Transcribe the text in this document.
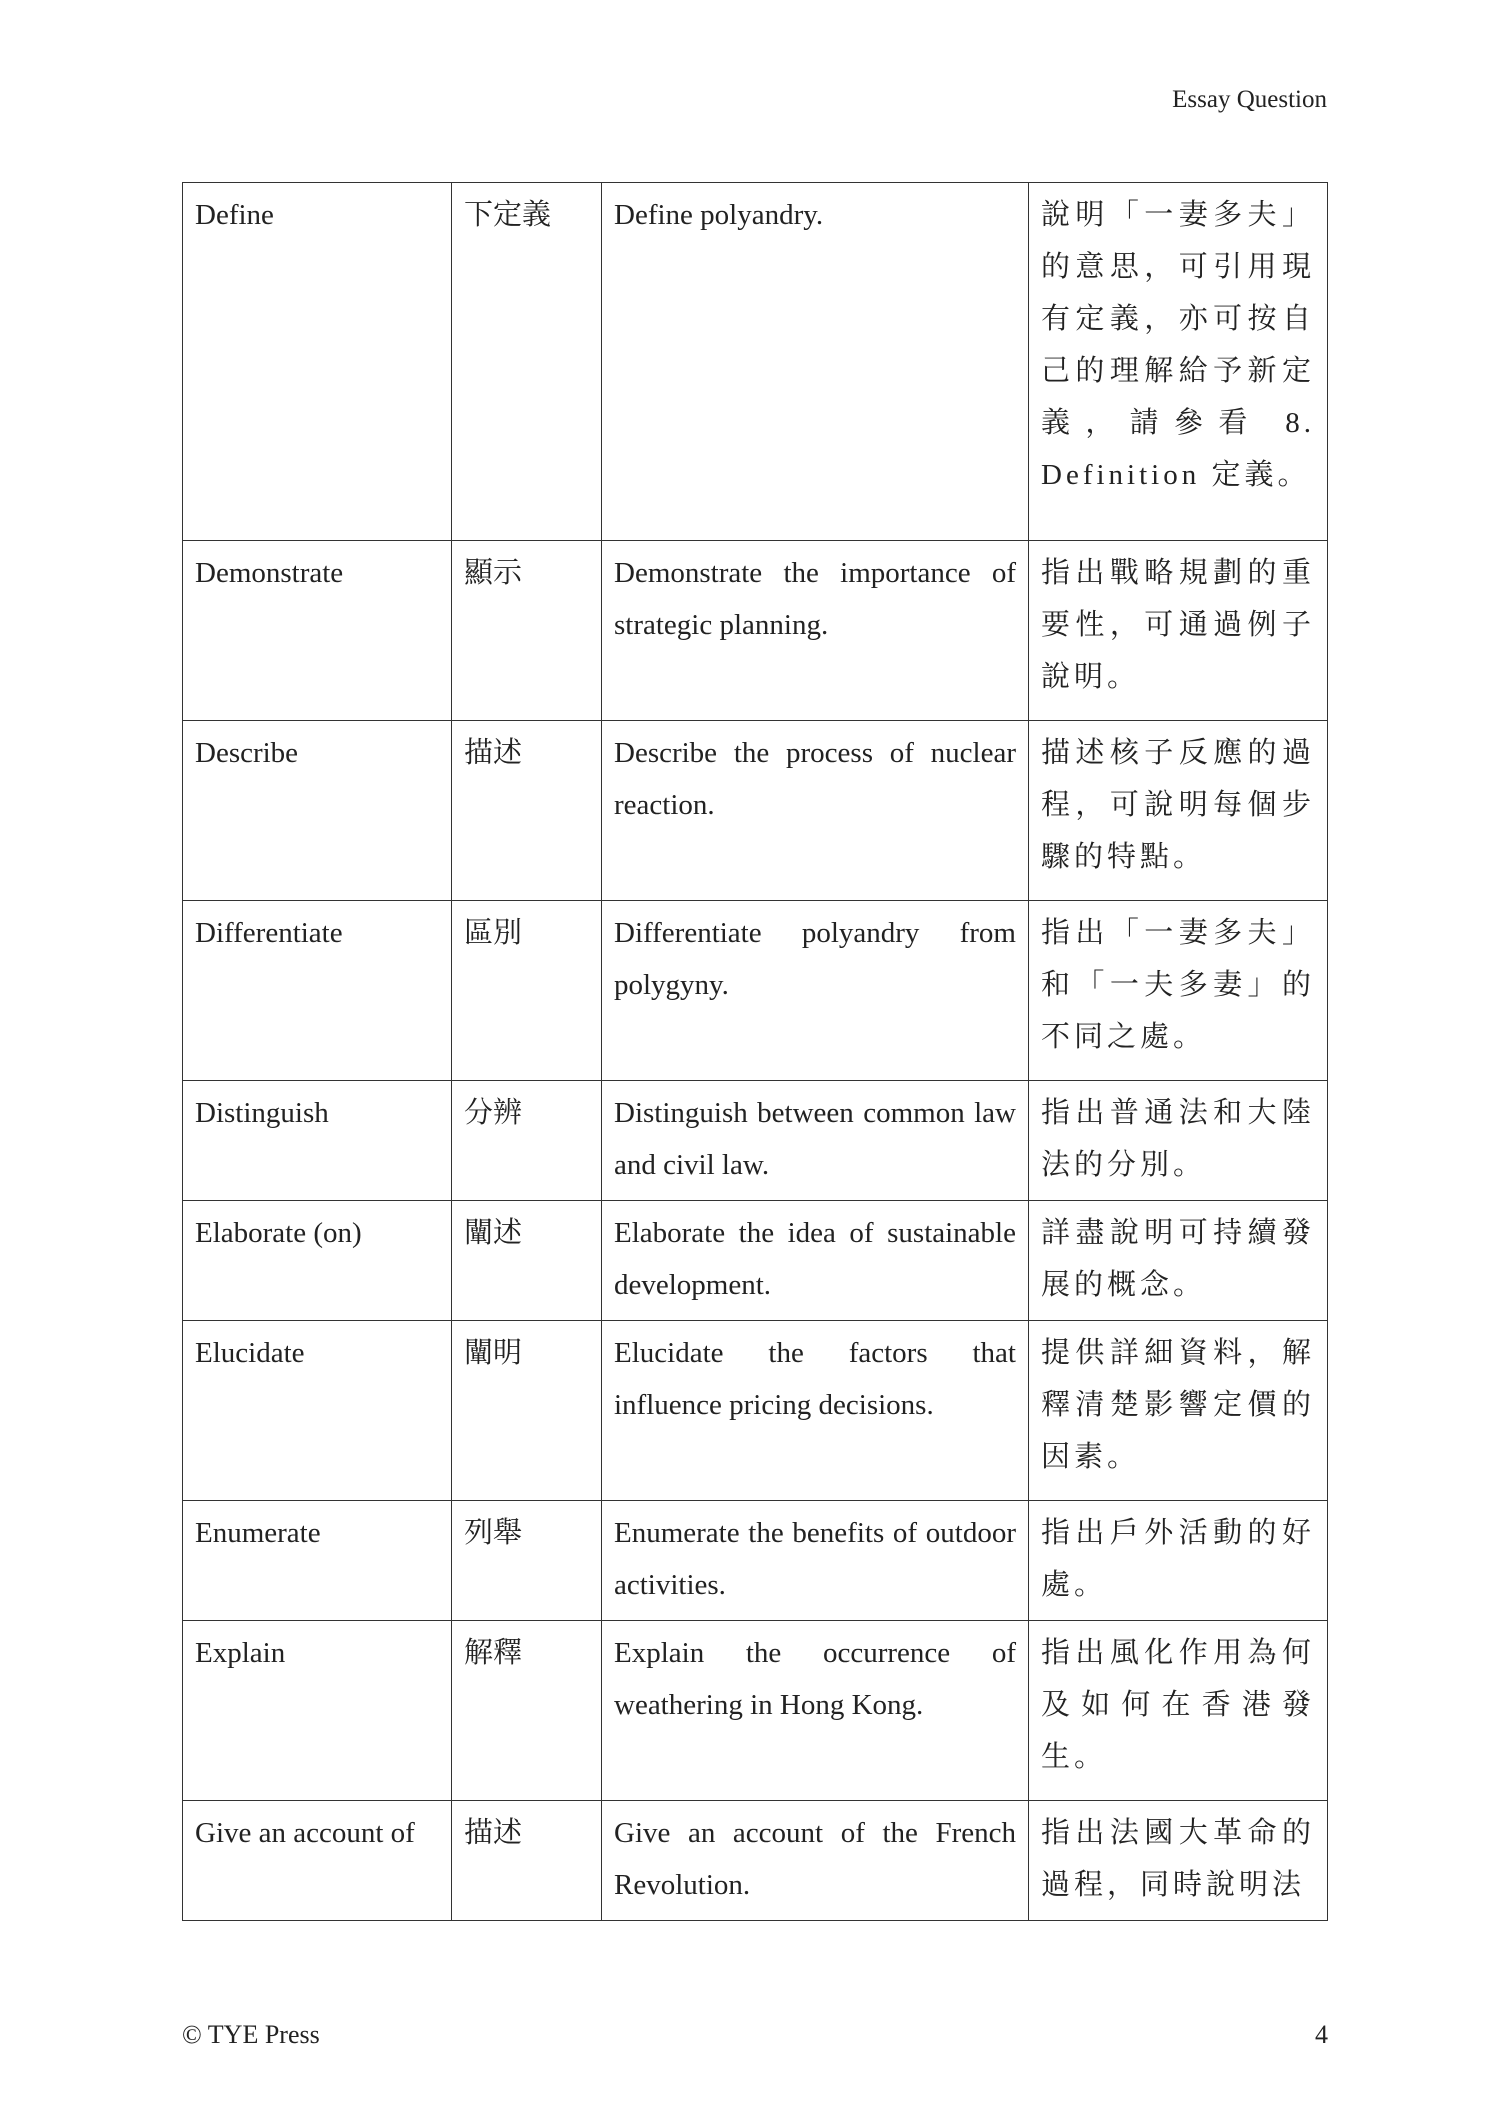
Essay Question
Define	下定義	Define polyandry.	說明「一妻多夫」的意思，可引用現有定義，亦可按自己的理解給予新定義，請參看 8. Definition 定義。
Demonstrate	顯示	Demonstrate the importance of strategic planning.	指出戰略規劃的重要性，可通過例子說明。
Describe	描述	Describe the process of nuclear reaction.	描述核子反應的過程，可說明每個步驟的特點。
Differentiate	區別	Differentiate polyandry from polygyny.	指出「一妻多夫」和「一夫多妻」的不同之處。
Distinguish	分辨	Distinguish between common law and civil law.	指出普通法和大陸法的分別。
Elaborate (on)	闡述	Elaborate the idea of sustainable development.	詳盡說明可持續發展的概念。
Elucidate	闡明	Elucidate the factors that influence pricing decisions.	提供詳細資料，解釋清楚影響定價的因素。
Enumerate	列舉	Enumerate the benefits of outdoor activities.	指出戶外活動的好處。
Explain	解釋	Explain the occurrence of weathering in Hong Kong.	指出風化作用為何及如何在香港發生。
Give an account of	描述	Give an account of the French Revolution.	指出法國大革命的過程，同時說明法
© TYE Press	4
